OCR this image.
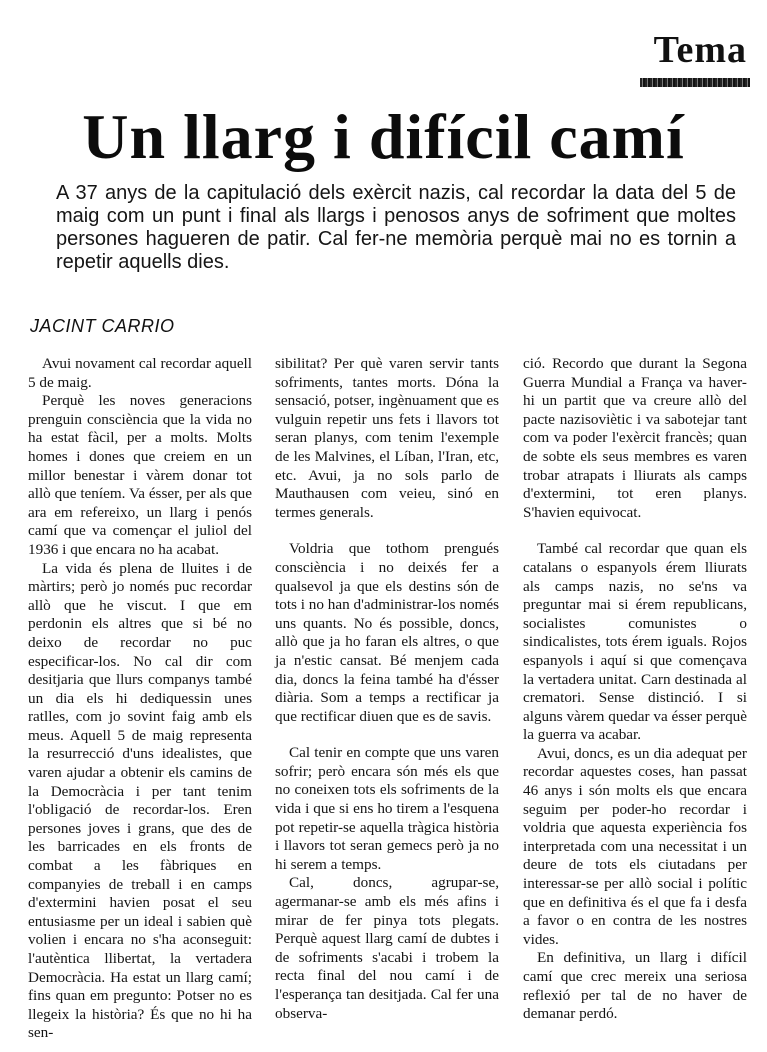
Tema
Un llarg i difícil camí

A 37 anys de la capitulació dels exèrcit nazis, cal recordar la data del 5 de maig com un punt i final als llargs i penosos anys de sofriment que moltes persones hagueren de patir. Cal fer-ne memòria perquè mai no es tornin a repetir aquells dies.

JACINT CARRIO

Avui novament cal recordar aquell 5 de maig.

Perquè les noves generacions prenguin consciència que la vida no ha estat fàcil, per a molts. Molts homes i dones que creiem en un millor benestar i vàrem donar tot allò que teníem. Va ésser, per als que ara em refereixo, un llarg i penós camí que va començar el juliol del 1936 i que encara no ha acabat.

La vida és plena de lluites i de màrtirs; però jo només puc recordar allò que he viscut. I que em perdonin els altres que si bé no deixo de recordar no puc especificar-los. No cal dir com desitjaria que llurs companys també un dia els hi dediquessin unes ratlles, com jo sovint faig amb els meus. Aquell 5 de maig representa la resurrecció d'uns idealistes, que varen ajudar a obtenir els camins de la Democràcia i per tant tenim l'obligació de recordar-los. Eren persones joves i grans, que des de les barricades en els fronts de combat a les fàbriques en companyies de treball i en camps d'extermini havien posat el seu entusiasme per un ideal i sabien què volien i encara no s'ha aconseguit: l'autèntica llibertat, la vertadera Democràcia. Ha estat un llarg camí; fins quan em pregunto: Potser no es llegeix la història? És que no hi ha sen-

sibilitat? Per què varen servir tants sofriments, tantes morts. Dóna la sensació, potser, ingènuament que es vulguin repetir uns fets i llavors tot seran planys, com tenim l'exemple de les Malvines, el Líban, l'Iran, etc, etc. Avui, ja no sols parlo de Mauthausen com veieu, sinó en termes generals.

Voldria que tothom prengués consciència i no deixés fer a qualsevol ja que els destins són de tots i no han d'administrar-los només uns quants. No és possible, doncs, allò que ja ho faran els altres, o que ja n'estic cansat. Bé menjem cada dia, doncs la feina també ha d'ésser diària. Som a temps a rectificar ja que rectificar diuen que es de savis.

Cal tenir en compte que uns varen sofrir; però encara són més els que no coneixen tots els sofriments de la vida i que si ens ho tirem a l'esquena pot repetir-se aquella tràgica història i llavors tot seran gemecs però ja no hi serem a temps.

Cal, doncs, agrupar-se, agermanar-se amb els més afins i mirar de fer pinya tots plegats. Perquè aquest llarg camí de dubtes i de sofriments s'acabi i trobem la recta final del nou camí i de l'esperança tan desitjada. Cal fer una observa-

ció. Recordo que durant la Segona Guerra Mundial a França va haver-hi un partit que va creure allò del pacte nazisoviètic i va sabotejar tant com va poder l'exèrcit francès; quan de sobte els seus membres es varen trobar atrapats i lliurats als camps d'extermini, tot eren planys. S'havien equivocat.

També cal recordar que quan els catalans o espanyols érem lliurats als camps nazis, no se'ns va preguntar mai si érem republicans, socialistes comunistes o sindicalistes, tots érem iguals. Rojos espanyols i aquí si que començava la vertadera unitat. Carn destinada al crematori. Sense distinció. I si alguns vàrem quedar va ésser perquè la guerra va acabar.

Avui, doncs, es un dia adequat per recordar aquestes coses, han passat 46 anys i són molts els que encara seguim per poder-ho recordar i voldria que aquesta experiència fos interpretada com una necessitat i un deure de tots els ciutadans per interessar-se per allò social i polític que en definitiva és el que fa i desfa a favor o en contra de les nostres vides.

En definitiva, un llarg i difícil camí que crec mereix una seriosa reflexió per tal de no haver de demanar perdó.
